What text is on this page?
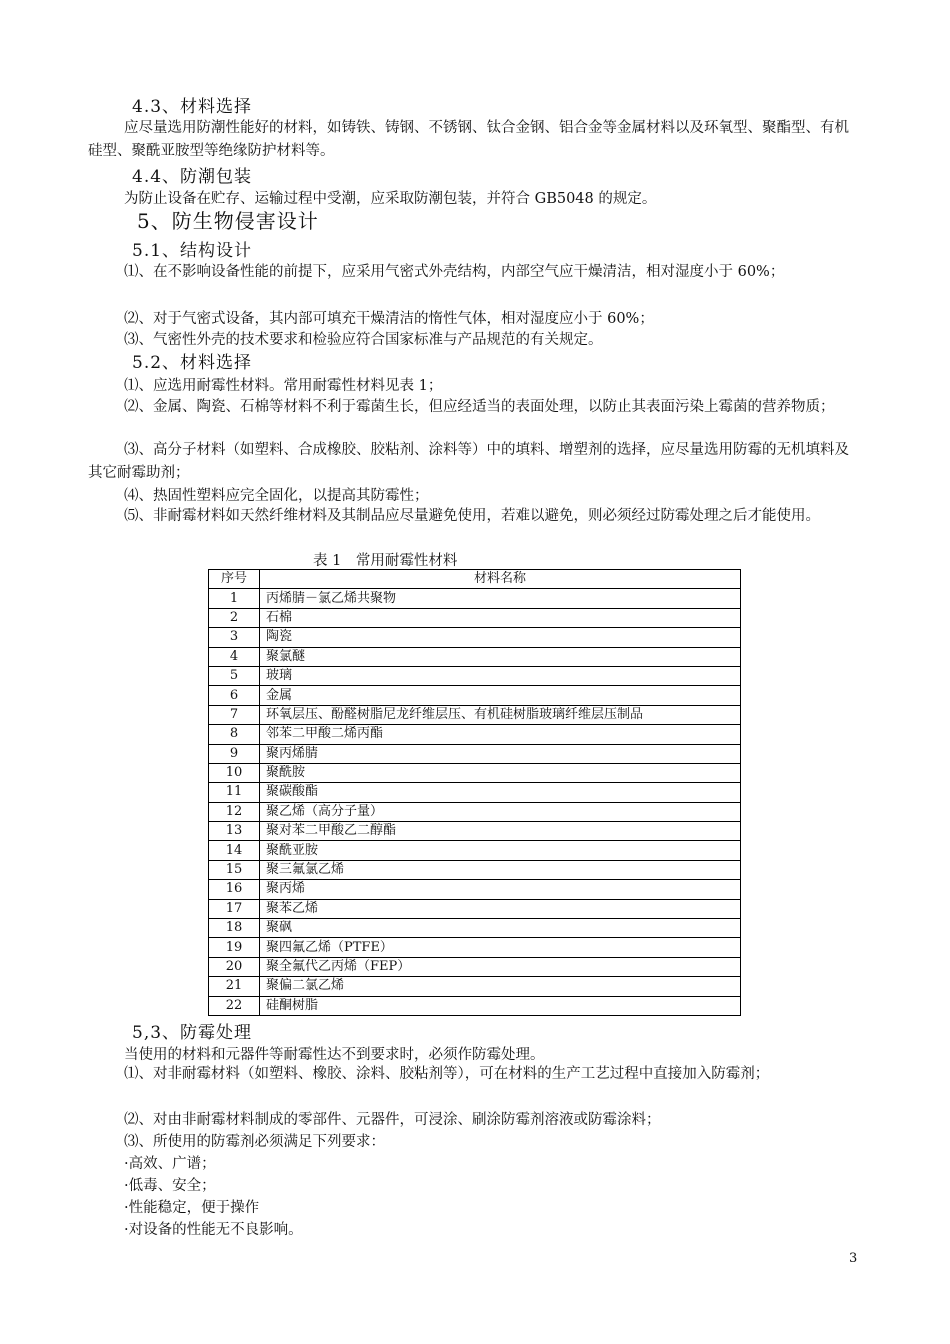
4.3、材料选择
应尽量选用防潮性能好的材料，如铸铁、铸钢、不锈钢、钛合金钢、铝合金等金属材料以及环氧型、聚酯型、有机硅型、聚酰亚胺型等绝缘防护材料等。
4.4、防潮包装
为防止设备在贮存、运输过程中受潮，应采取防潮包装，并符合 GB5048 的规定。
5、防生物侵害设计
5.1、结构设计
⑴、在不影响设备性能的前提下，应采用气密式外壳结构，内部空气应干燥清洁，相对湿度小于 60%；
⑵、对于气密式设备，其内部可填充干燥清洁的惰性气体，相对湿度应小于 60%；
⑶、气密性外壳的技术要求和检验应符合国家标准与产品规范的有关规定。
5.2、材料选择
⑴、应选用耐霉性材料。常用耐霉性材料见表 1；
⑵、金属、陶瓷、石棉等材料不利于霉菌生长，但应经适当的表面处理，以防止其表面污染上霉菌的营养物质；
⑶、高分子材料（如塑料、合成橡胶、胶粘剂、涂料等）中的填料、增塑剂的选择，应尽量选用防霉的无机填料及其它耐霉助剂；
⑷、热固性塑料应完全固化，以提高其防霉性；
⑸、非耐霉材料如天然纤维材料及其制品应尽量避免使用，若难以避免，则必须经过防霉处理之后才能使用。
表 1　常用耐霉性材料
序号	材料名称
1	丙烯腈－氯乙烯共聚物
2	石棉
3	陶瓷
4	聚氯醚
5	玻璃
6	金属
7	环氧层压、酚醛树脂尼龙纤维层压、有机硅树脂玻璃纤维层压制品
8	邻苯二甲酸二烯丙酯
9	聚丙烯腈
10	聚酰胺
11	聚碳酸酯
12	聚乙烯（高分子量）
13	聚对苯二甲酸乙二醇酯
14	聚酰亚胺
15	聚三氟氯乙烯
16	聚丙烯
17	聚苯乙烯
18	聚砜
19	聚四氟乙烯（PTFE）
20	聚全氟代乙丙烯（FEP）
21	聚偏二氯乙烯
22	硅酮树脂
5,3、防霉处理
当使用的材料和元器件等耐霉性达不到要求时，必须作防霉处理。
⑴、对非耐霉材料（如塑料、橡胶、涂料、胶粘剂等），可在材料的生产工艺过程中直接加入防霉剂；
⑵、对由非耐霉材料制成的零部件、元器件，可浸涂、刷涂防霉剂溶液或防霉涂料；
⑶、所使用的防霉剂必须满足下列要求：
·高效、广谱；
·低毒、安全；
·性能稳定，便于操作
·对设备的性能无不良影响。
3
